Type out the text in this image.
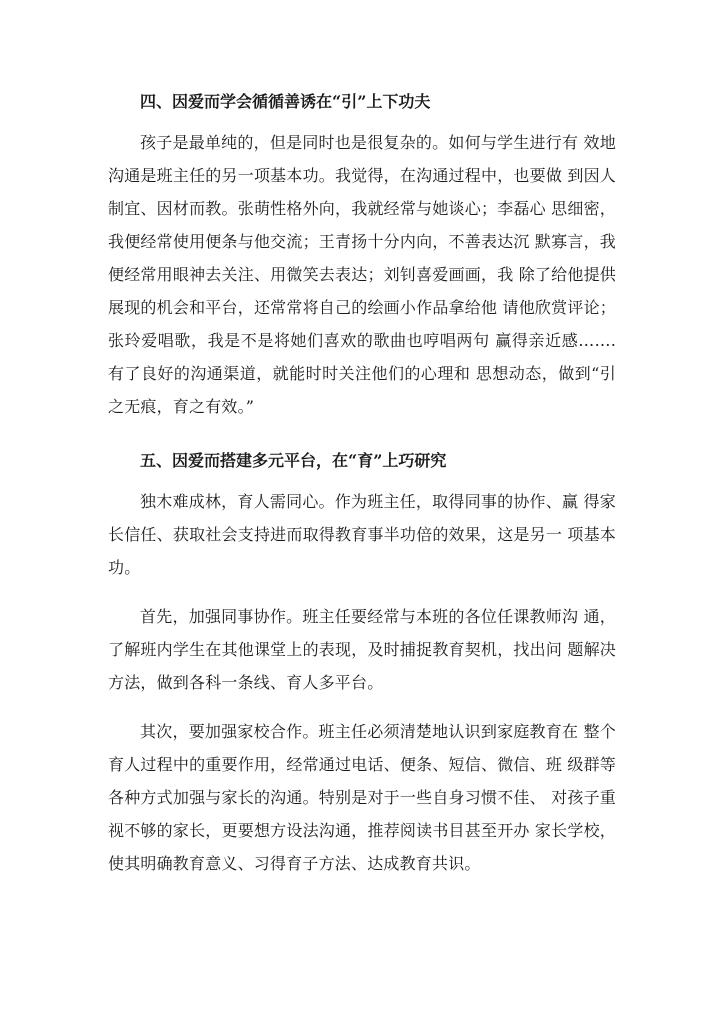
四、因爱而学会循循善诱在“引”上下功夫

孩子是最单纯的，但是同时也是很复杂的。如何与学生进行有 效地沟通是班主任的另一项基本功。我觉得，在沟通过程中，也要做 到因人制宜、因材而教。张萌性格外向，我就经常与她谈心；李磊心 思细密，我便经常使用便条与他交流；王青扬十分内向，不善表达沉 默寡言，我便经常用眼神去关注、用微笑去表达；刘钊喜爱画画，我 除了给他提供展现的机会和平台，还常常将自己的绘画小作品拿给他 请他欣赏评论；张玲爱唱歌，我是不是将她们喜欢的歌曲也哼唱两句 赢得亲近感…….有了良好的沟通渠道，就能时时关注他们的心理和 思想动态，做到“引之无痕，育之有效。”

五、因爱而搭建多元平台，在“育”上巧研究

独木难成林，育人需同心。作为班主任，取得同事的协作、赢 得家长信任、获取社会支持进而取得教育事半功倍的效果，这是另一 项基本功。

首先，加强同事协作。班主任要经常与本班的各位任课教师沟 通，了解班内学生在其他课堂上的表现，及时捕捉教育契机，找出问 题解决方法，做到各科一条线、育人多平台。

其次，要加强家校合作。班主任必须清楚地认识到家庭教育在 整个育人过程中的重要作用，经常通过电话、便条、短信、微信、班 级群等各种方式加强与家长的沟通。特别是对于一些自身习惯不佳、 对孩子重视不够的家长，更要想方设法沟通，推荐阅读书目甚至开办 家长学校，使其明确教育意义、习得育子方法、达成教育共识。
